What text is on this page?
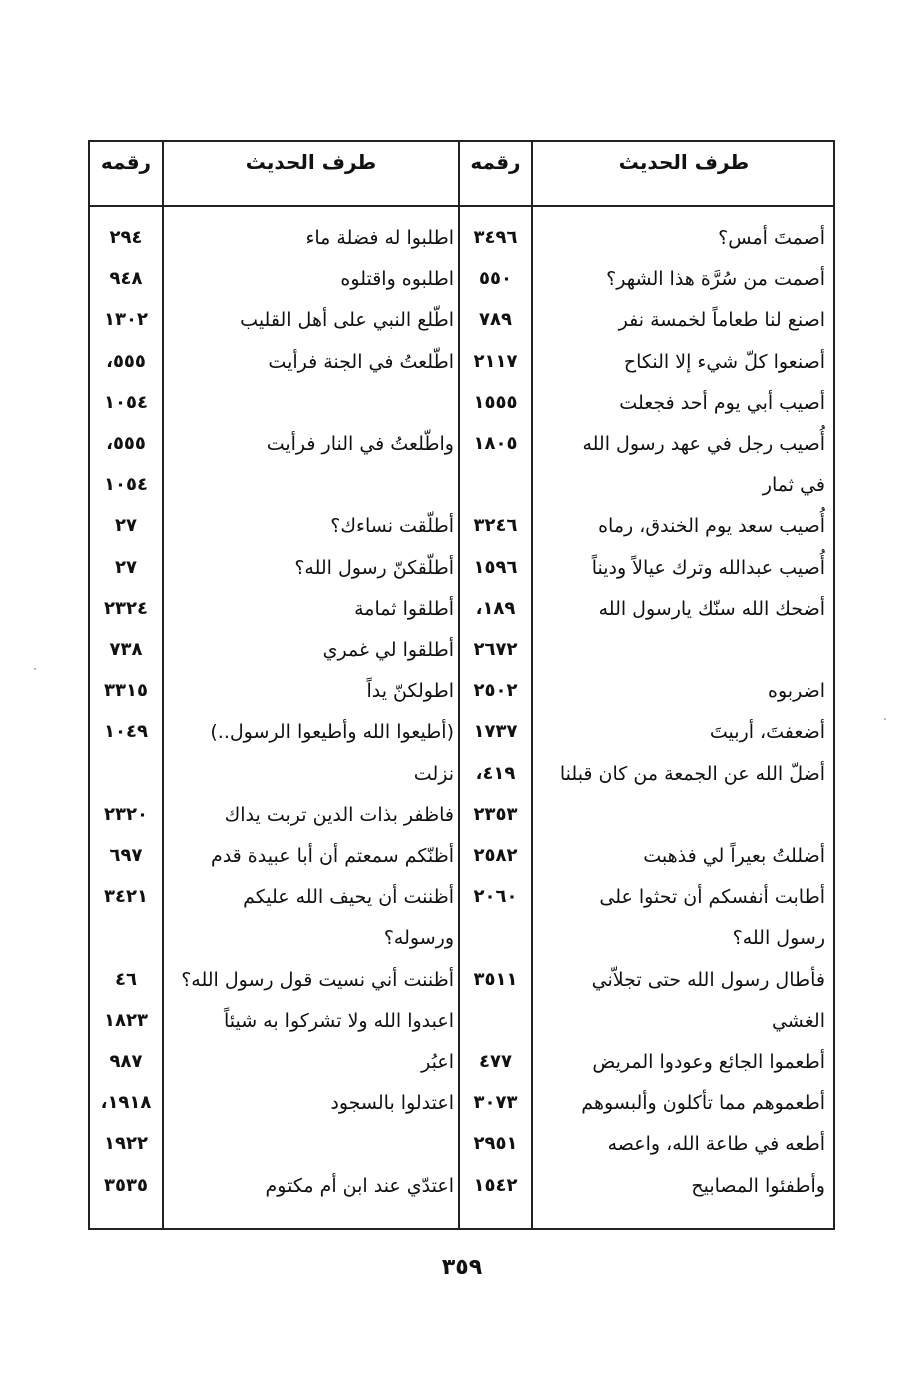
طرف الحديث
رقمه
طرف الحديث
رقمه
أصمتَ أمس؟
٣٤٩٦
اطلبوا له فضلة ماء
٢٩٤
أصمت من سُرَّة هذا الشهر؟
٥٥٠
اطلبوه واقتلوه
٩٤٨
اصنع لنا طعاماً لخمسة نفر
٧٨٩
اطّلع النبي على أهل القليب
١٣٠٢
أصنعوا كلّ شيء إلا النكاح
٢١١٧
اطّلعتُ في الجنة فرأيت
٥٥٥،
أصيب أبي يوم أحد فجعلت
١٥٥٥
١٠٥٤
أُصيب رجل في عهد رسول الله
١٨٠٥
واطّلعتُ في النار فرأيت
٥٥٥،
في ثمار
١٠٥٤
أُصيب سعد يوم الخندق، رماه
٣٢٤٦
أطلّقت نساءك؟
٢٧
أُصيب عبدالله وترك عيالاً وديناً
١٥٩٦
أطلّقكنّ رسول الله؟
٢٧
أضحك الله سنّك يارسول الله
١٨٩،
أطلقوا ثمامة
٢٣٢٤
٢٦٧٢
أطلقوا لي غمري
٧٣٨
اضربوه
٢٥٠٢
اطولكنّ يداً
٣٣١٥
أضعفتَ، أربيتَ
١٧٣٧
(أطيعوا الله وأطيعوا الرسول..)
١٠٤٩
أضلّ الله عن الجمعة من كان قبلنا
٤١٩،
نزلت
٢٣٥٣
فاظفر بذات الدين تربت يداك
٢٣٢٠
أضللتُ بعيراً لي فذهبت
٢٥٨٢
أظنّكم سمعتم أن أبا عبيدة قدم
٦٩٧
أطابت أنفسكم أن تحثوا على
٢٠٦٠
أظننت أن يحيف الله عليكم
٣٤٢١
رسول الله؟
ورسوله؟
فأطال رسول الله حتى تجلاّني
٣٥١١
أظننت أني نسيت قول رسول الله؟
٤٦
الغشي
اعبدوا الله ولا تشركوا به شيئاً
١٨٢٣
أطعموا الجائع وعودوا المريض
٤٧٧
اعبُر
٩٨٧
أطعموهم مما تأكلون وألبسوهم
٣٠٧٣
اعتدلوا بالسجود
١٩١٨،
أطعه في طاعة الله، واعصه
٢٩٥١
١٩٢٢
وأطفئوا المصابيح
١٥٤٢
اعتدّي عند ابن أم مكتوم
٣٥٣٥
٣٥٩
